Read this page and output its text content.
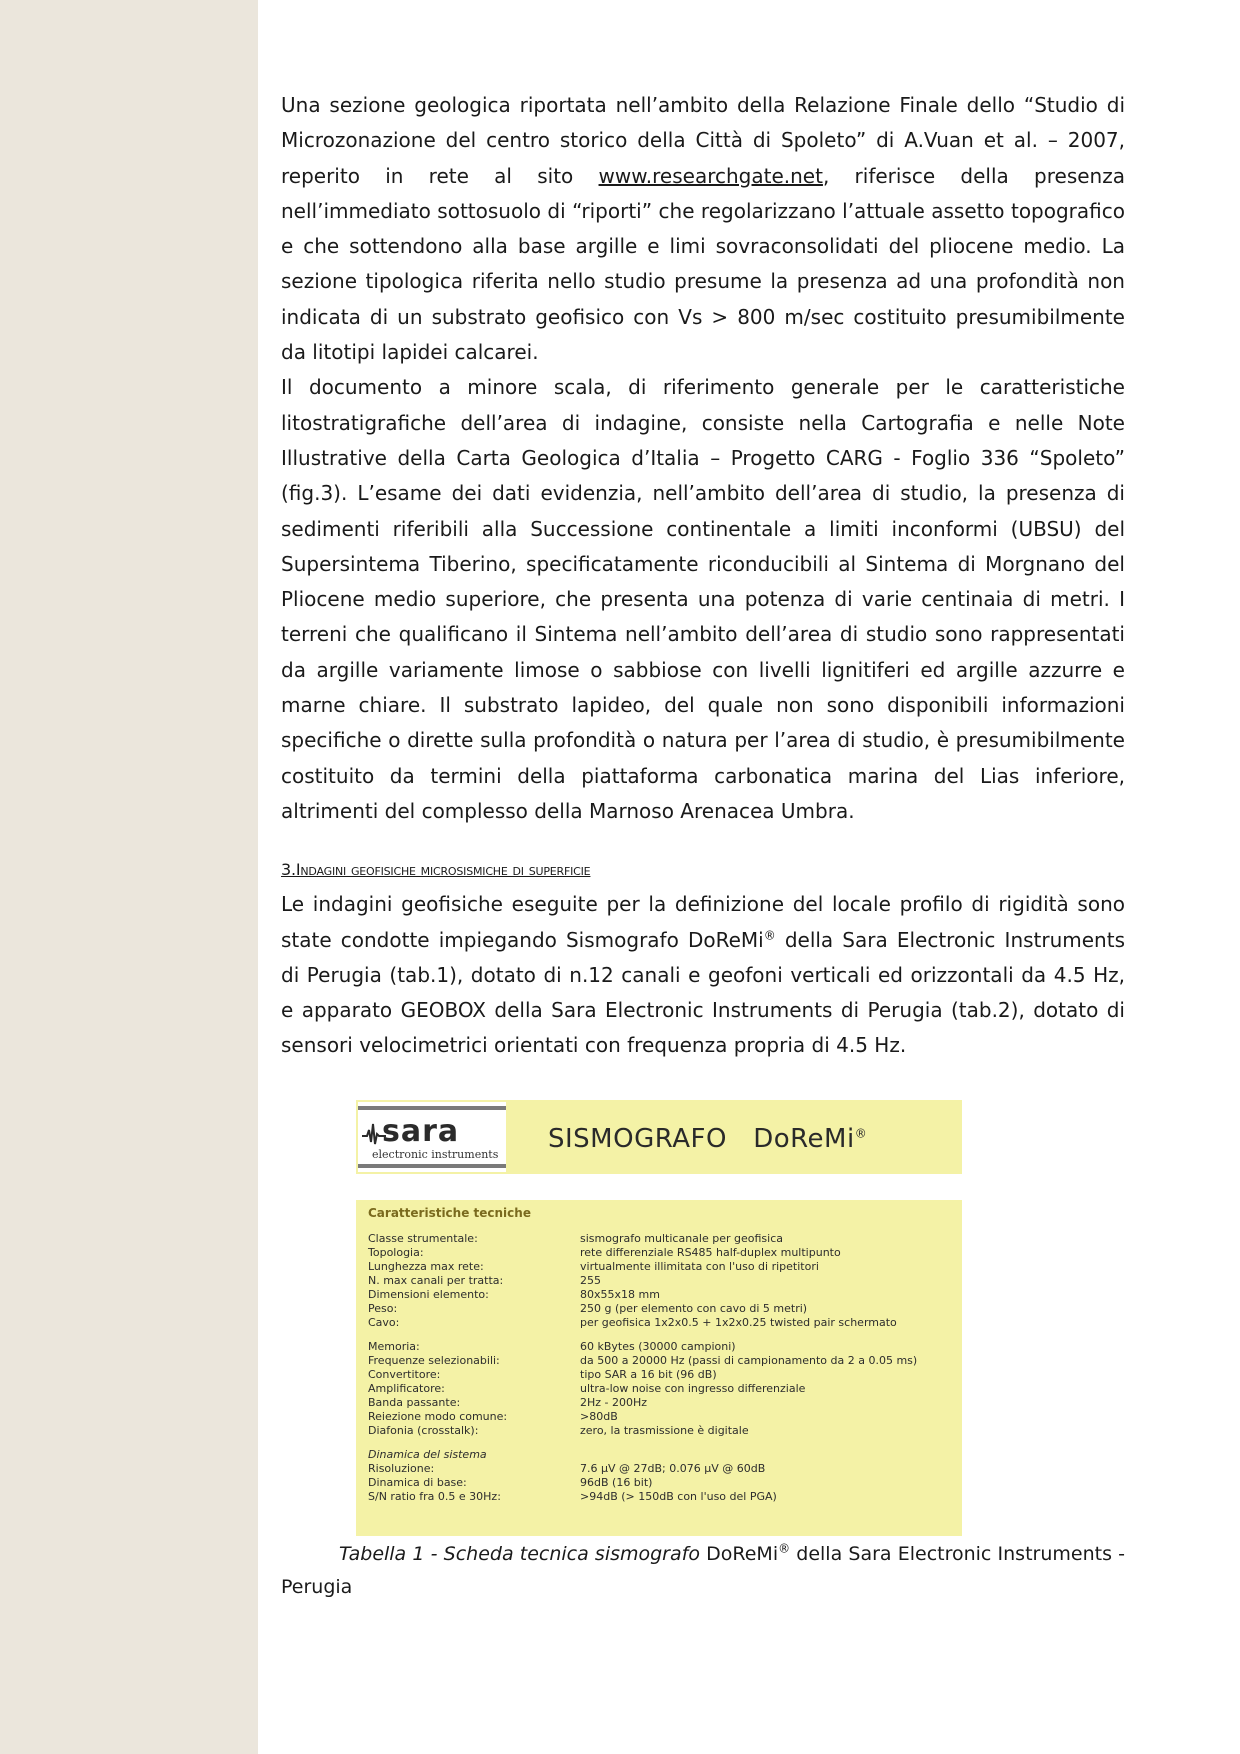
Una sezione geologica riportata nell’ambito della Relazione Finale dello “Studio di Microzonazione del centro storico della Città di Spoleto” di A.Vuan et al. – 2007, reperito in rete al sito www.researchgate.net, riferisce della presenza nell’immediato sottosuolo di “riporti” che regolarizzano l’attuale assetto topografico e che sottendono alla base argille e limi sovraconsolidati del pliocene medio. La sezione tipologica riferita nello studio presume la presenza ad una profondità non indicata di un substrato geofisico con Vs > 800 m/sec costituito presumibilmente da litotipi lapidei calcarei.

Il documento a minore scala, di riferimento generale per le caratteristiche litostratigrafiche dell’area di indagine, consiste nella Cartografia e nelle Note Illustrative della Carta Geologica d’Italia – Progetto CARG - Foglio 336 “Spoleto” (fig.3). L’esame dei dati evidenzia, nell’ambito dell’area di studio, la presenza di sedimenti riferibili alla Successione continentale a limiti inconformi (UBSU) del Supersintema Tiberino, specificatamente riconducibili al Sintema di Morgnano del Pliocene medio superiore, che presenta una potenza di varie centinaia di metri. I terreni che qualificano il Sintema nell’ambito dell’area di studio sono rappresentati da argille variamente limose o sabbiose con livelli lignitiferi ed argille azzurre e marne chiare. Il substrato lapideo, del quale non sono disponibili informazioni specifiche o dirette sulla profondità o natura per l’area di studio, è presumibilmente costituito da termini della piattaforma carbonatica marina del Lias inferiore, altrimenti del complesso della Marnoso Arenacea Umbra.

3.Indagini geofisiche microsismiche di superficie

Le indagini geofisiche eseguite per la definizione del locale profilo di rigidità sono state condotte impiegando Sismografo DoReMi® della Sara Electronic Instruments di Perugia (tab.1), dotato di n.12 canali e geofoni verticali ed orizzontali da 4.5 Hz, e apparato GEOBOX della Sara Electronic Instruments di Perugia (tab.2), dotato di sensori velocimetrici orientati con frequenza propria di 4.5 Hz.

sara
electronic instruments
SISMOGRAFO   DoReMi®
Caratteristiche tecniche
Classe strumentale:	sismografo multicanale per geofisica
Topologia:	rete differenziale RS485 half-duplex multipunto
Lunghezza max rete:	virtualmente illimitata con l'uso di ripetitori
N. max canali per tratta:	255
Dimensioni elemento:	80x55x18 mm
Peso:	250 g (per elemento con cavo di 5 metri)
Cavo:	per geofisica 1x2x0.5 + 1x2x0.25 twisted pair schermato
Memoria:	60 kBytes (30000 campioni)
Frequenze selezionabili:	da 500 a 20000 Hz (passi di campionamento da 2 a 0.05 ms)
Convertitore:	tipo SAR a 16 bit (96 dB)
Amplificatore:	ultra-low noise con ingresso differenziale
Banda passante:	2Hz - 200Hz
Reiezione modo comune:	>80dB
Diafonia (crosstalk):	zero, la trasmissione è digitale
Dinamica del sistema
Risoluzione:	7.6 µV @ 27dB; 0.076 µV @ 60dB
Dinamica di base:	96dB (16 bit)
S/N ratio fra 0.5 e 30Hz:	>94dB (> 150dB con l'uso del PGA)
Tabella 1 - Scheda tecnica sismografo DoReMi® della Sara Electronic Instruments - Perugia
